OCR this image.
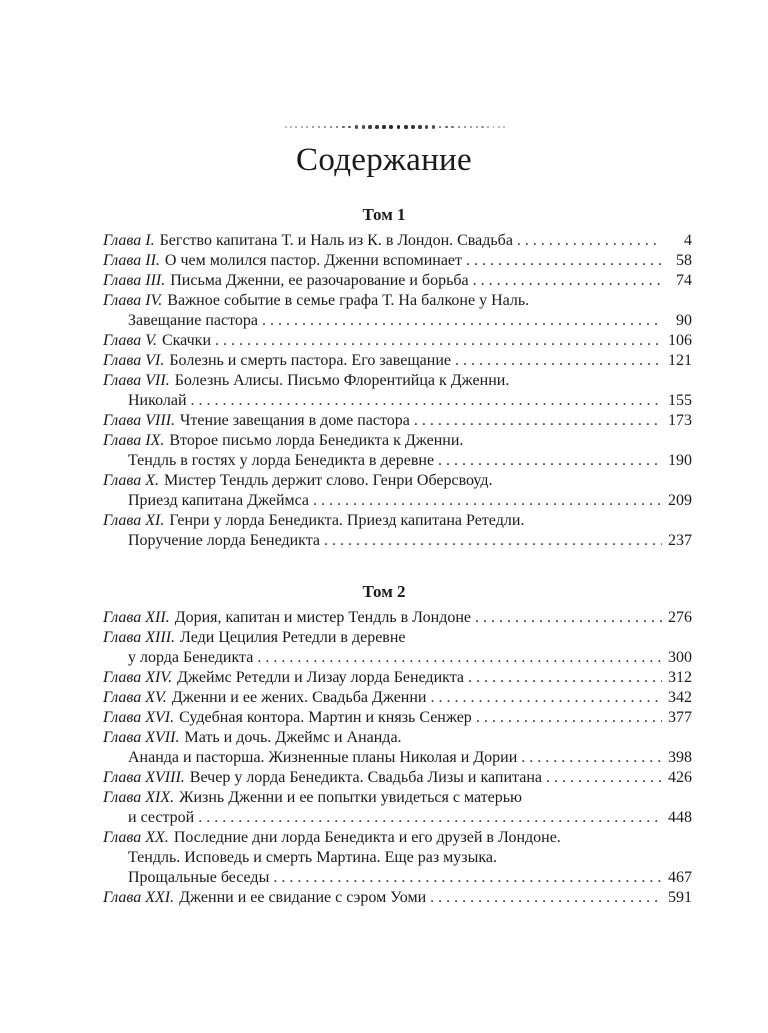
Содержание
Том 1
Глава I. Бегство капитана Т. и Наль из К. в Лондон. Свадьба . . .	4
Глава II. О чем молился пастор. Дженни вспоминает . . .	58
Глава III. Письма Дженни, ее разочарование и борьба . . .	74
Глава IV. Важное событие в семье графа Т. На балконе у Наль.
Завещание пастора . . .	90
Глава V. Скачки . . .	106
Глава VI. Болезнь и смерть пастора. Его завещание . . .	121
Глава VII. Болезнь Алисы. Письмо Флорентийца к Дженни.
Николай . . .	155
Глава VIII. Чтение завещания в доме пастора . . .	173
Глава IX. Второе письмо лорда Бенедикта к Дженни.
Тендль в гостях у лорда Бенедикта в деревне . . .	190
Глава X. Мистер Тендль держит слово. Генри Оберсвоуд.
Приезд капитана Джеймса . . .	209
Глава XI. Генри у лорда Бенедикта. Приезд капитана Ретедли.
Поручение лорда Бенедикта . . .	237
Том 2
Глава XII. Дория, капитан и мистер Тендль в Лондоне . . .	276
Глава XIII. Леди Цецилия Ретедли в деревне
у лорда Бенедикта . . .	300
Глава XIV. Джеймс Ретедли и Лизау лорда Бенедикта . . .	312
Глава XV. Дженни и ее жених. Свадьба Дженни . . .	342
Глава XVI. Судебная контора. Мартин и князь Сенжер . . .	377
Глава XVII. Мать и дочь. Джеймс и Ананда.
Ананда и пасторша. Жизненные планы Николая и Дории . . .	398
Глава XVIII. Вечер у лорда Бенедикта. Свадьба Лизы и капитана . . .	426
Глава XIX. Жизнь Дженни и ее попытки увидеться с матерью
и сестрой . . .	448
Глава XX. Последние дни лорда Бенедикта и его друзей в Лондоне.
Тендль. Исповедь и смерть Мартина. Еще раз музыка.
Прощальные беседы . . .	467
Глава XXI. Дженни и ее свидание с сэром Уоми . . .	591
